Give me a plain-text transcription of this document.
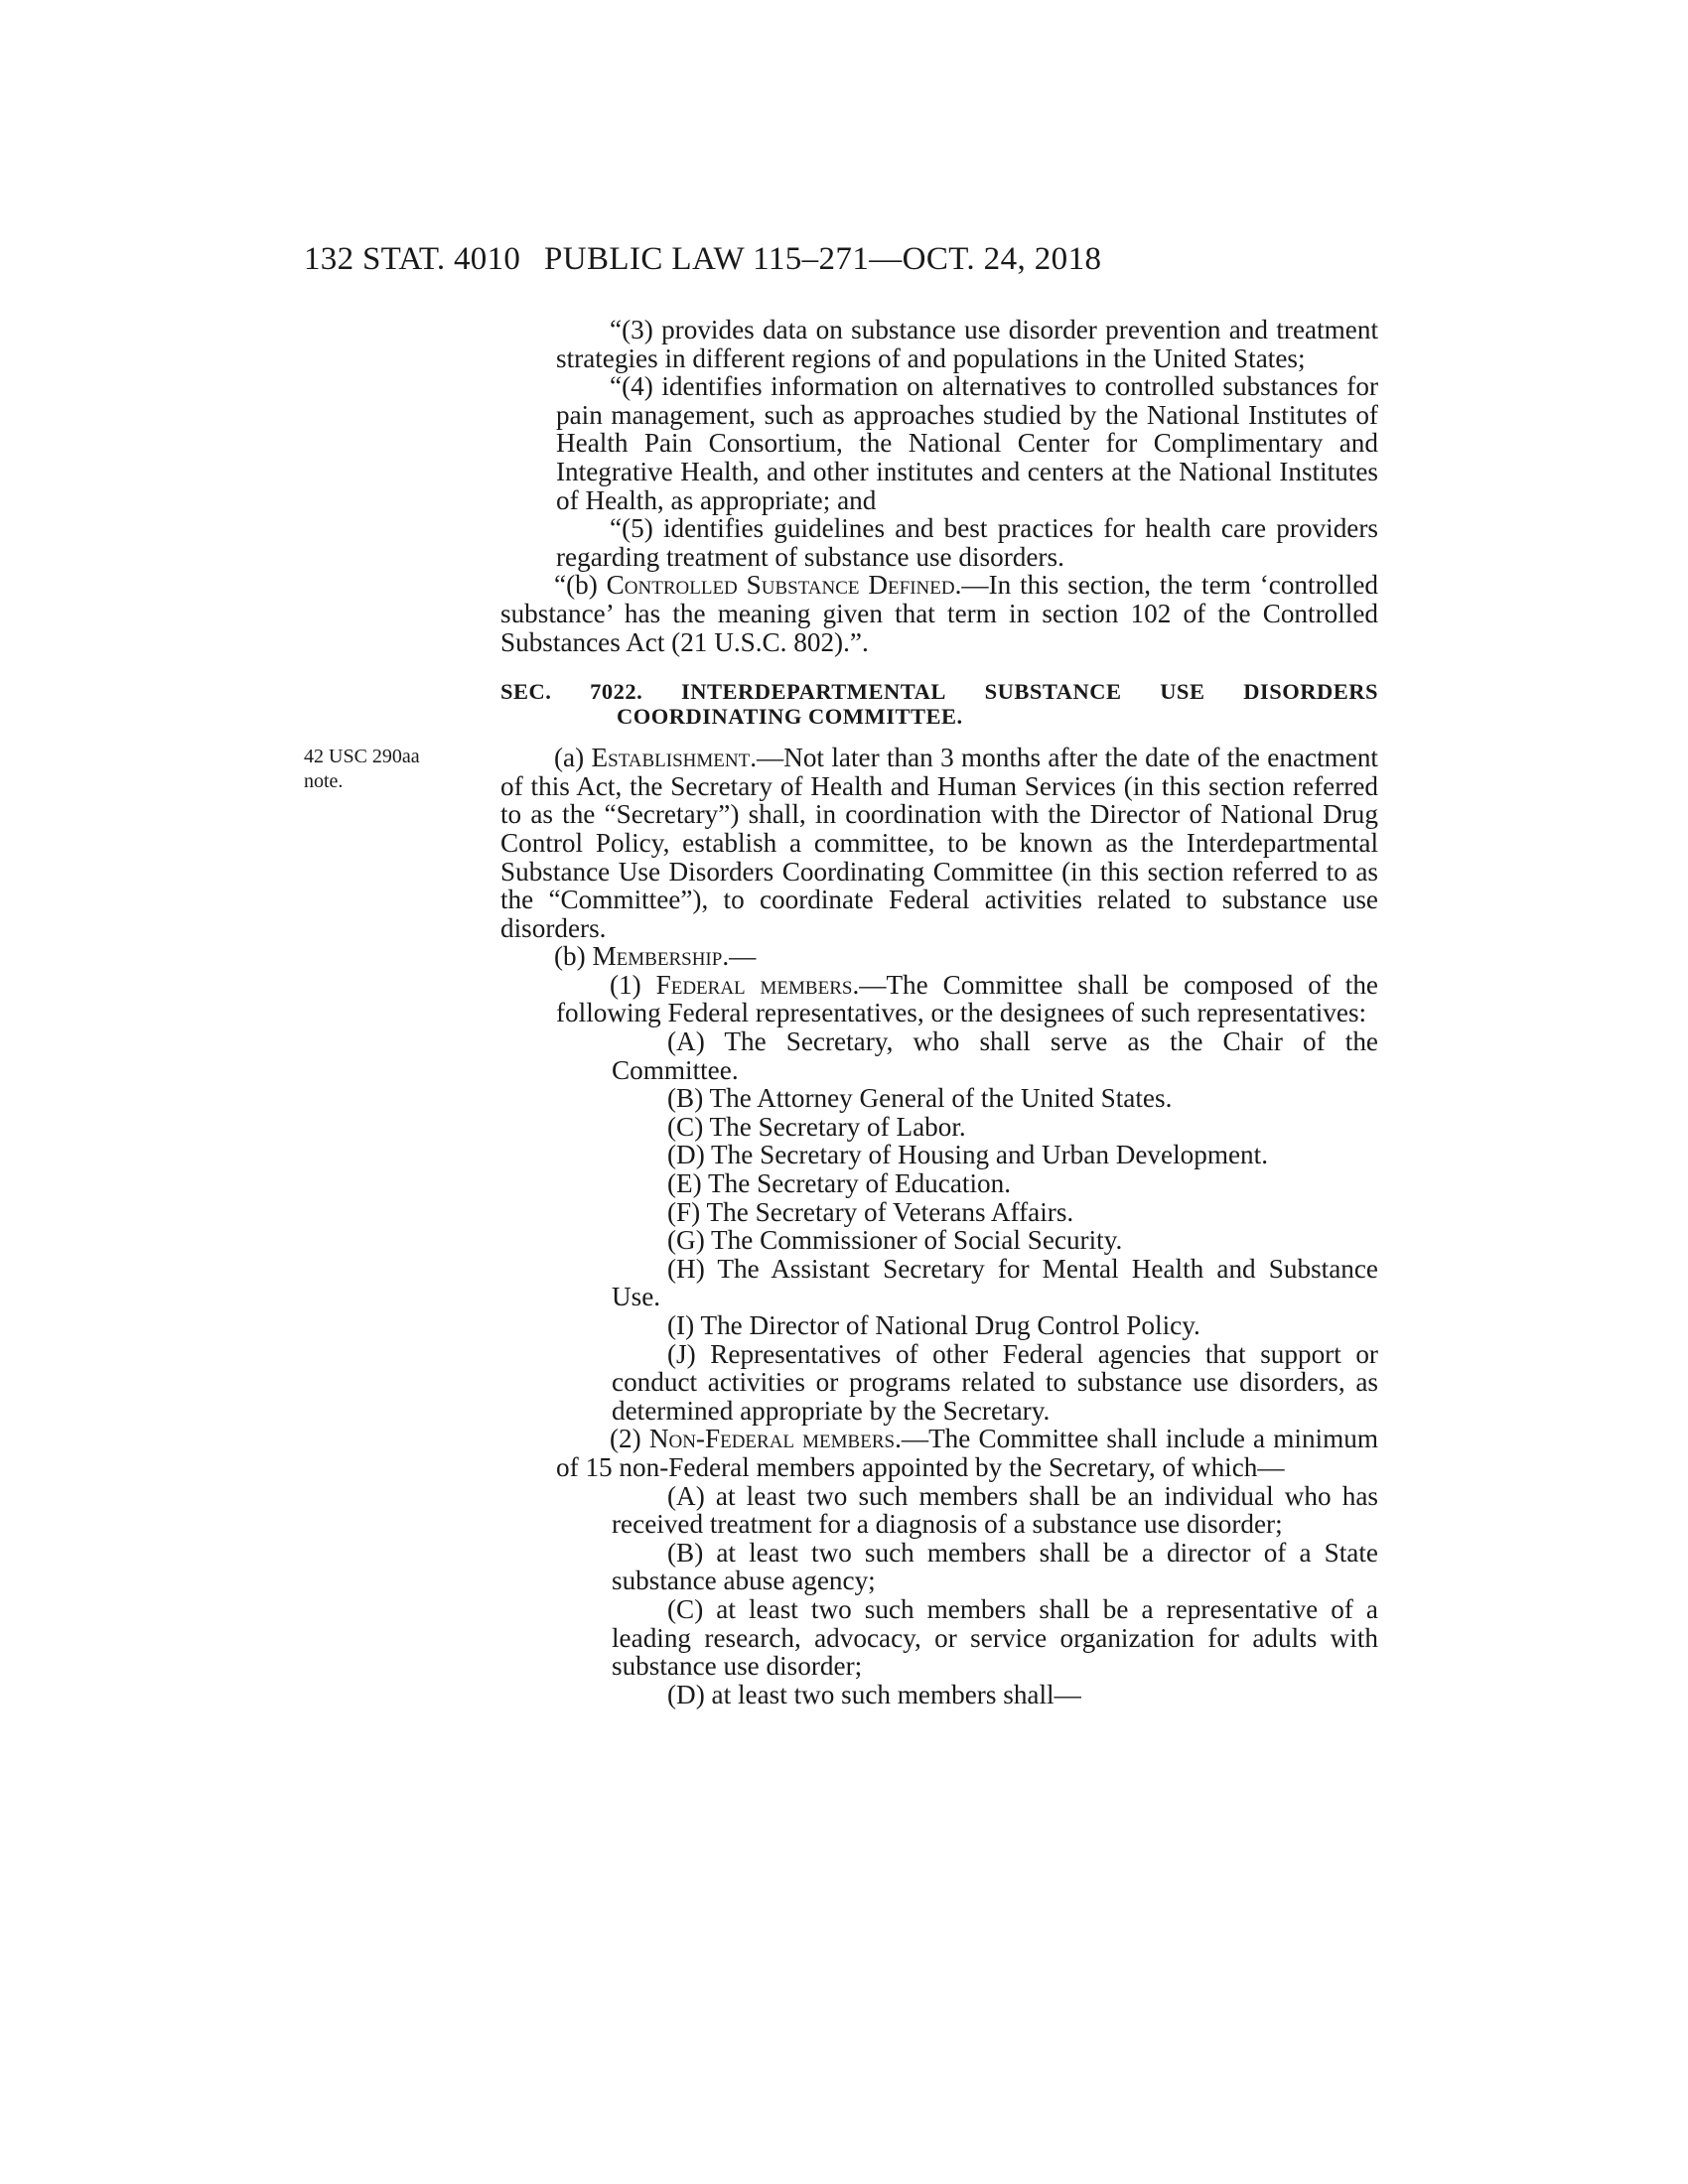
132 STAT. 4010 PUBLIC LAW 115–271—OCT. 24, 2018
42 USC 290aa
note.

“(3) provides data on substance use disorder prevention and treatment strategies in different regions of and populations in the United States;

“(4) identifies information on alternatives to controlled substances for pain management, such as approaches studied by the National Institutes of Health Pain Consortium, the National Center for Complimentary and Integrative Health, and other institutes and centers at the National Institutes of Health, as appropriate; and

“(5) identifies guidelines and best practices for health care providers regarding treatment of substance use disorders.

“(b) Controlled Substance Defined.—In this section, the term ‘controlled substance’ has the meaning given that term in section 102 of the Controlled Substances Act (21 U.S.C. 802).”.

SEC. 7022. INTERDEPARTMENTAL SUBSTANCE USE DISORDERS
COORDINATING COMMITTEE.

(a) Establishment.—Not later than 3 months after the date of the enactment of this Act, the Secretary of Health and Human Services (in this section referred to as the “Secretary”) shall, in coordination with the Director of National Drug Control Policy, establish a committee, to be known as the Interdepartmental Substance Use Disorders Coordinating Committee (in this section referred to as the “Committee”), to coordinate Federal activities related to substance use disorders.

(b) Membership.—

(1) Federal members.—The Committee shall be composed of the following Federal representatives, or the designees of such representatives:

(A) The Secretary, who shall serve as the Chair of the Committee.

(B) The Attorney General of the United States.

(C) The Secretary of Labor.

(D) The Secretary of Housing and Urban Development.

(E) The Secretary of Education.

(F) The Secretary of Veterans Affairs.

(G) The Commissioner of Social Security.

(H) The Assistant Secretary for Mental Health and Substance Use.

(I) The Director of National Drug Control Policy.

(J) Representatives of other Federal agencies that support or conduct activities or programs related to substance use disorders, as determined appropriate by the Secretary.

(2) Non-Federal members.—The Committee shall include a minimum of 15 non-Federal members appointed by the Secretary, of which—

(A) at least two such members shall be an individual who has received treatment for a diagnosis of a substance use disorder;

(B) at least two such members shall be a director of a State substance abuse agency;

(C) at least two such members shall be a representative of a leading research, advocacy, or service organization for adults with substance use disorder;

(D) at least two such members shall—
